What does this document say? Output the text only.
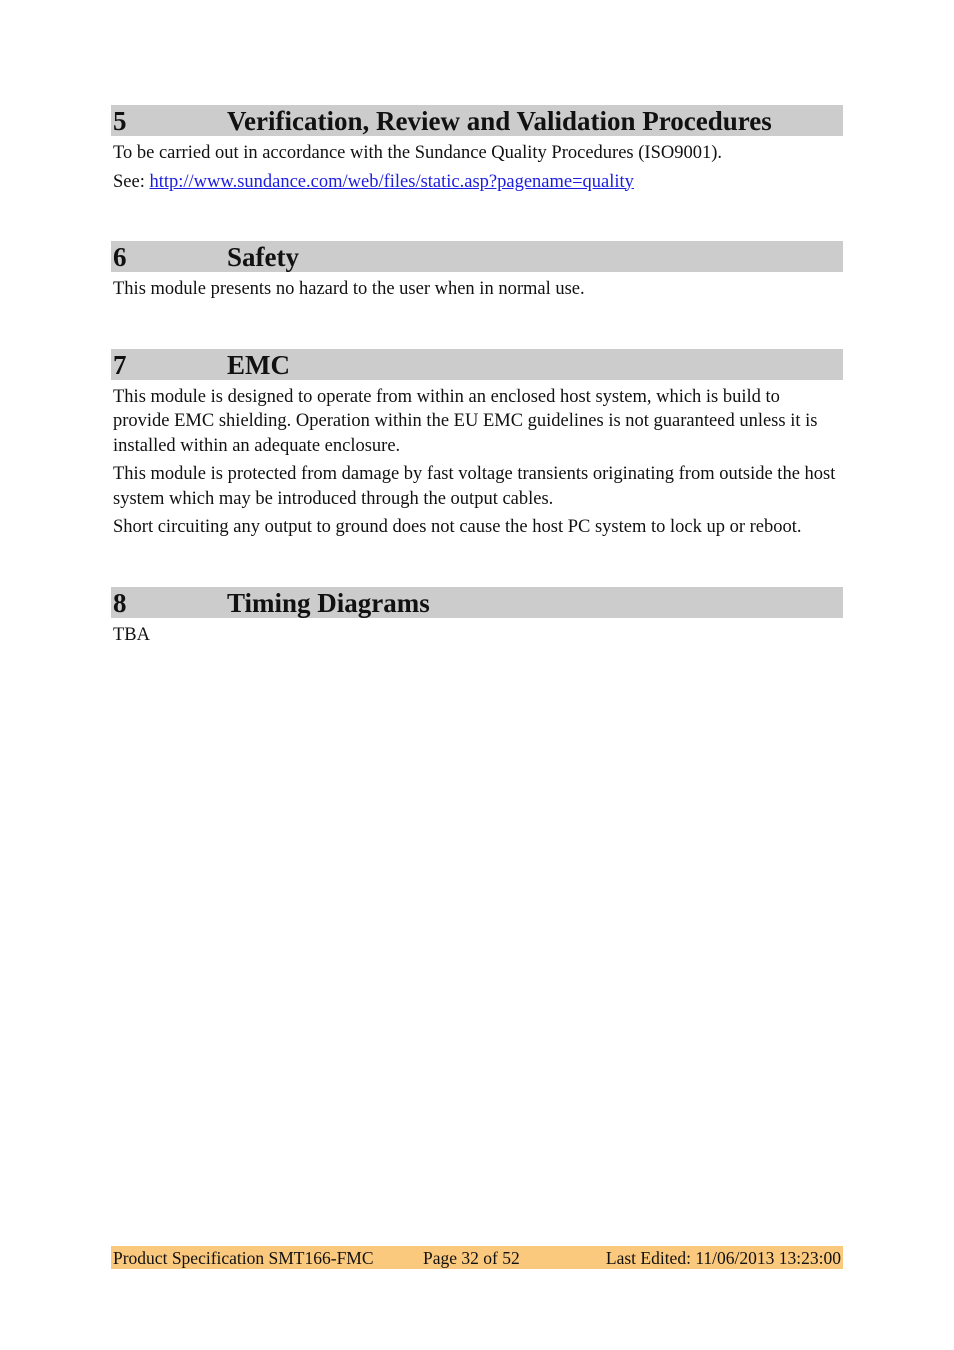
5	Verification, Review and Validation Procedures

To be carried out in accordance with the Sundance Quality Procedures (ISO9001).

See: http://www.sundance.com/web/files/static.asp?pagename=quality

6	Safety

This module presents no hazard to the user when in normal use.

7	EMC

This module is designed to operate from within an enclosed host system, which is build to provide EMC shielding. Operation within the EU EMC guidelines is not guaranteed unless it is installed within an adequate enclosure.

This module is protected from damage by fast voltage transients originating from outside the host system which may be introduced through the output cables.

Short circuiting any output to ground does not cause the host PC system to lock up or reboot.

8	Timing Diagrams

TBA

Product Specification SMT166-FMC	Page 32 of 52	Last Edited: 11/06/2013 13:23:00
